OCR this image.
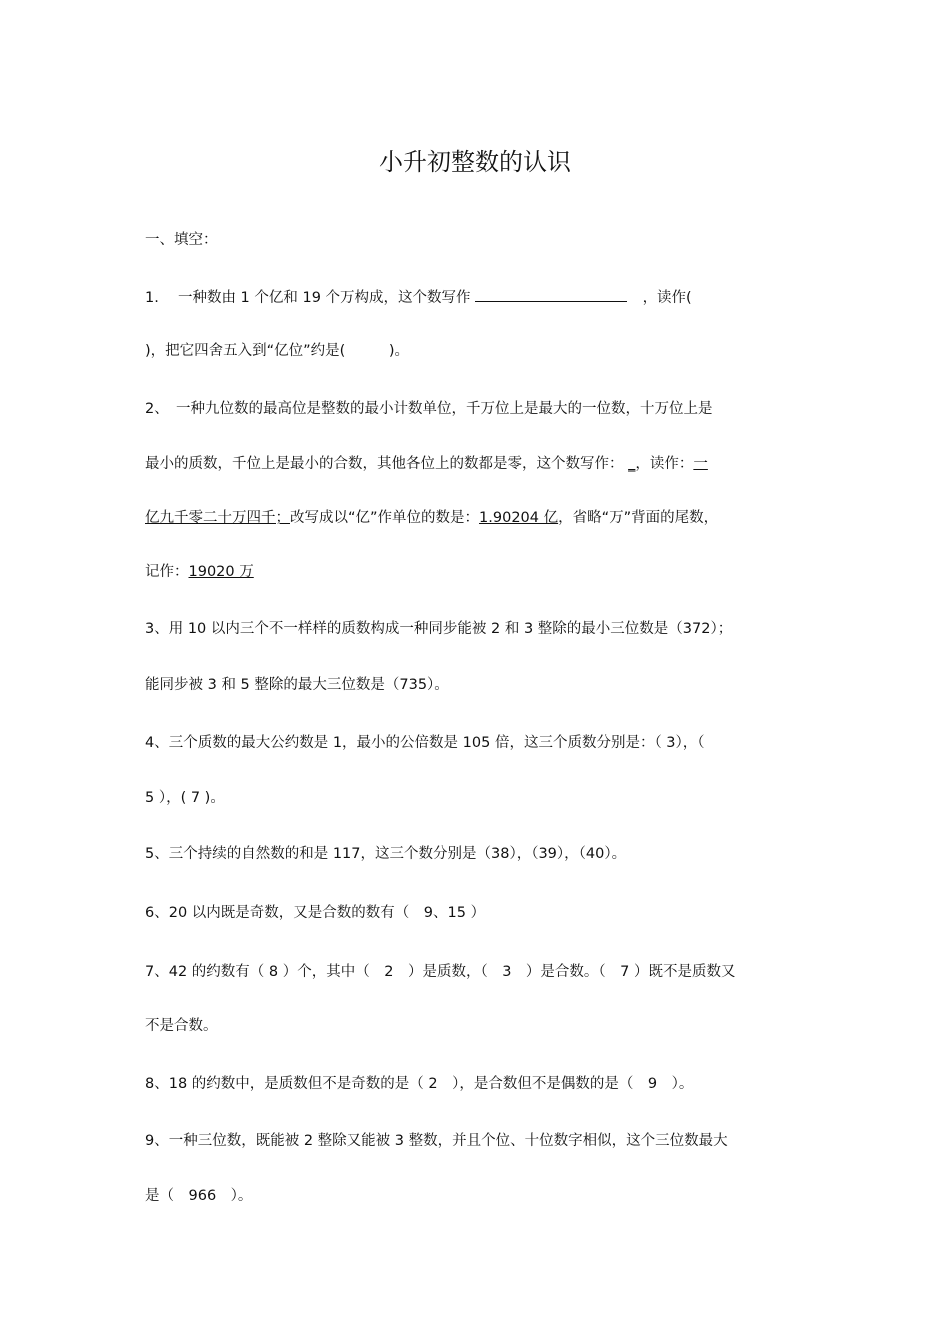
小升初整数的认识
一、填空：
1.　 一种数由 1 个亿和 19 个万构成，这个数写作	，读作(
)，把它四舍五入到“亿位”约是(　　　)。
2、　一种九位数的最高位是整数的最小计数单位，千万位上是最大的一位数，十万位上是
最小的质数，千位上是最小的合数，其他各位上的数都是零，这个数写作： _，读作：一
亿九千零二十万四千；改写成以“亿”作单位的数是：1.90204 亿，省略“万”背面的尾数，
记作：19020 万
3、用 10 以内三个不一样样的质数构成一种同步能被 2 和 3 整除的最小三位数是（372）；
能同步被 3 和 5 整除的最大三位数是（735）。
4、三个质数的最大公约数是 1，最小的公倍数是 105 倍，这三个质数分别是：（ 3），（
5 ），( 7 )。
5、三个持续的自然数的和是 117，这三个数分别是（38），（39），（40）。
6、20 以内既是奇数，又是合数的数有（　9、15 ）
7、42 的约数有（ 8 ）个，其中（　2　）是质数，（　3　）是合数。（　7 ）既不是质数又
不是合数。
8、18 的约数中，是质数但不是奇数的是（ 2　），是合数但不是偶数的是（　9　）。
9、一种三位数，既能被 2 整除又能被 3 整数，并且个位、十位数字相似，这个三位数最大
是（　966　）。
